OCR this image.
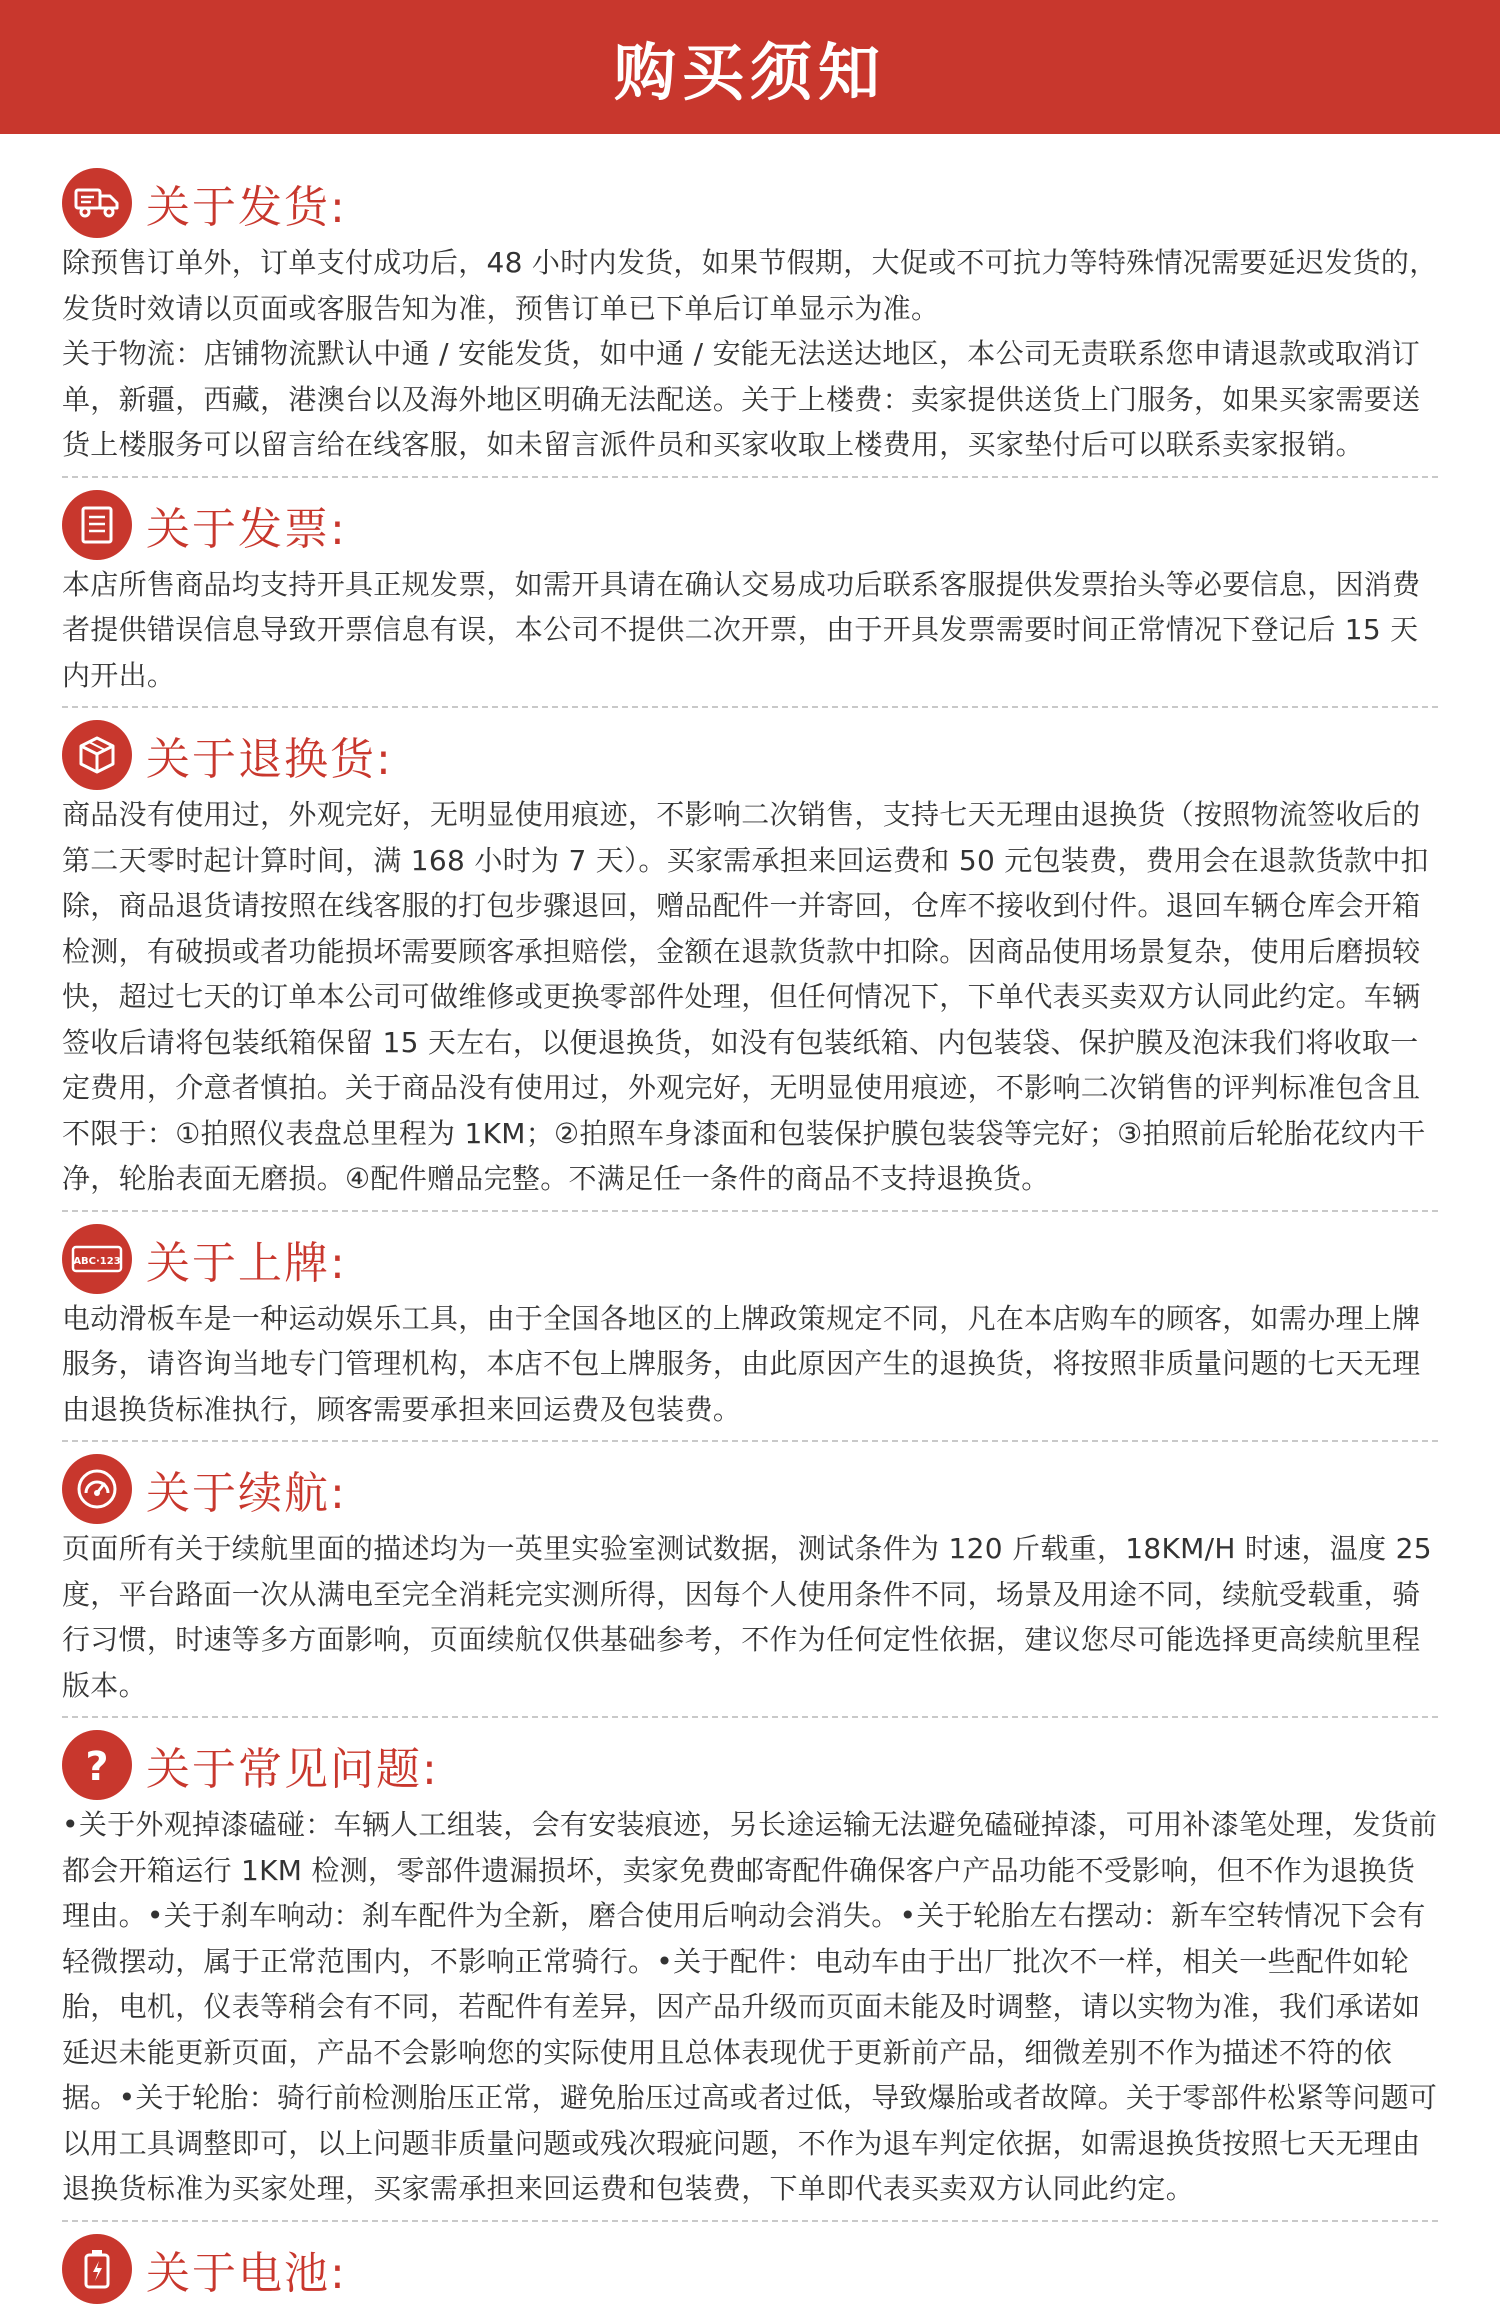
购买须知
关于发货:

除预售订单外，订单支付成功后，48 小时内发货，如果节假期，大促或不可抗力等特殊情况需要延迟发货的，发货时效请以页面或客服告知为准，预售订单已下单后订单显示为准。

关于物流：店铺物流默认中通 / 安能发货，如中通 / 安能无法送达地区，本公司无责联系您申请退款或取消订单，新疆，西藏，港澳台以及海外地区明确无法配送。关于上楼费：卖家提供送货上门服务，如果买家需要送货上楼服务可以留言给在线客服，如未留言派件员和买家收取上楼费用，买家垫付后可以联系卖家报销。

关于发票:

本店所售商品均支持开具正规发票，如需开具请在确认交易成功后联系客服提供发票抬头等必要信息，因消费者提供错误信息导致开票信息有误，本公司不提供二次开票，由于开具发票需要时间正常情况下登记后 15 天内开出。

关于退换货:

商品没有使用过，外观完好，无明显使用痕迹，不影响二次销售，支持七天无理由退换货（按照物流签收后的第二天零时起计算时间，满 168 小时为 7 天）。买家需承担来回运费和 50 元包装费，费用会在退款货款中扣除，商品退货请按照在线客服的打包步骤退回，赠品配件一并寄回，仓库不接收到付件。退回车辆仓库会开箱检测，有破损或者功能损坏需要顾客承担赔偿，金额在退款货款中扣除。因商品使用场景复杂，使用后磨损较快，超过七天的订单本公司可做维修或更换零部件处理，但任何情况下，下单代表买卖双方认同此约定。车辆签收后请将包装纸箱保留 15 天左右，以便退换货，如没有包装纸箱、内包装袋、保护膜及泡沫我们将收取一定费用，介意者慎拍。关于商品没有使用过，外观完好，无明显使用痕迹，不影响二次销售的评判标准包含且不限于：①拍照仪表盘总里程为 1KM；②拍照车身漆面和包装保护膜包装袋等完好；③拍照前后轮胎花纹内干净，轮胎表面无磨损。④配件赠品完整。不满足任一条件的商品不支持退换货。

ABC·123 关于上牌:

电动滑板车是一种运动娱乐工具，由于全国各地区的上牌政策规定不同，凡在本店购车的顾客，如需办理上牌服务，请咨询当地专门管理机构，本店不包上牌服务，由此原因产生的退换货，将按照非质量问题的七天无理由退换货标准执行，顾客需要承担来回运费及包装费。

关于续航:

页面所有关于续航里面的描述均为一英里实验室测试数据，测试条件为 120 斤载重，18KM/H 时速，温度 25 度，平台路面一次从满电至完全消耗完实测所得，因每个人使用条件不同，场景及用途不同，续航受载重，骑行习惯，时速等多方面影响，页面续航仅供基础参考，不作为任何定性依据，建议您尽可能选择更高续航里程版本。

? 关于常见问题:

•关于外观掉漆磕碰：车辆人工组装，会有安装痕迹，另长途运输无法避免磕碰掉漆，可用补漆笔处理，发货前都会开箱运行 1KM 检测，零部件遗漏损坏，卖家免费邮寄配件确保客户产品功能不受影响，但不作为退换货理由。•关于刹车响动：刹车配件为全新，磨合使用后响动会消失。•关于轮胎左右摆动：新车空转情况下会有轻微摆动，属于正常范围内，不影响正常骑行。•关于配件：电动车由于出厂批次不一样，相关一些配件如轮胎，电机，仪表等稍会有不同，若配件有差异，因产品升级而页面未能及时调整，请以实物为准，我们承诺如延迟未能更新页面，产品不会影响您的实际使用且总体表现优于更新前产品，细微差别不作为描述不符的依据。•关于轮胎：骑行前检测胎压正常，避免胎压过高或者过低，导致爆胎或者故障。关于零部件松紧等问题可以用工具调整即可，以上问题非质量问题或残次瑕疵问题，不作为退车判定依据，如需退换货按照七天无理由退换货标准为买家处理，买家需承担来回运费和包装费，下单即代表买卖双方认同此约定。

关于电池:
